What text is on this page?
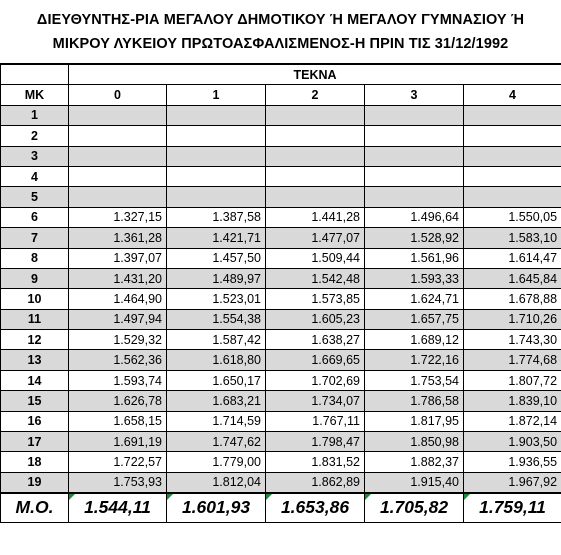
ΔΙΕΥΘΥΝΤΗΣ-ΡΙΑ ΜΕΓΑΛΟΥ ΔΗΜΟΤΙΚΟΥ Ή ΜΕΓΑΛΟΥ ΓΥΜΝΑΣΙΟΥ Ή
ΜΙΚΡΟΥ ΛΥΚΕΙΟΥ ΠΡΩΤΟΑΣΦΑΛΙΣΜΕΝΟΣ-Η ΠΡΙΝ ΤΙΣ 31/12/1992
	ΤΕΚΝΑ				
ΜΚ	0	1	2	3	4
1					
2					
3					
4					
5					
6	1.327,15	1.387,58	1.441,28	1.496,64	1.550,05
7	1.361,28	1.421,71	1.477,07	1.528,92	1.583,10
8	1.397,07	1.457,50	1.509,44	1.561,96	1.614,47
9	1.431,20	1.489,97	1.542,48	1.593,33	1.645,84
10	1.464,90	1.523,01	1.573,85	1.624,71	1.678,88
11	1.497,94	1.554,38	1.605,23	1.657,75	1.710,26
12	1.529,32	1.587,42	1.638,27	1.689,12	1.743,30
13	1.562,36	1.618,80	1.669,65	1.722,16	1.774,68
14	1.593,74	1.650,17	1.702,69	1.753,54	1.807,72
15	1.626,78	1.683,21	1.734,07	1.786,58	1.839,10
16	1.658,15	1.714,59	1.767,11	1.817,95	1.872,14
17	1.691,19	1.747,62	1.798,47	1.850,98	1.903,50
18	1.722,57	1.779,00	1.831,52	1.882,37	1.936,55
19	1.753,93	1.812,04	1.862,89	1.915,40	1.967,92
Μ.Ο.	1.544,11	1.601,93	1.653,86	1.705,82	1.759,11
